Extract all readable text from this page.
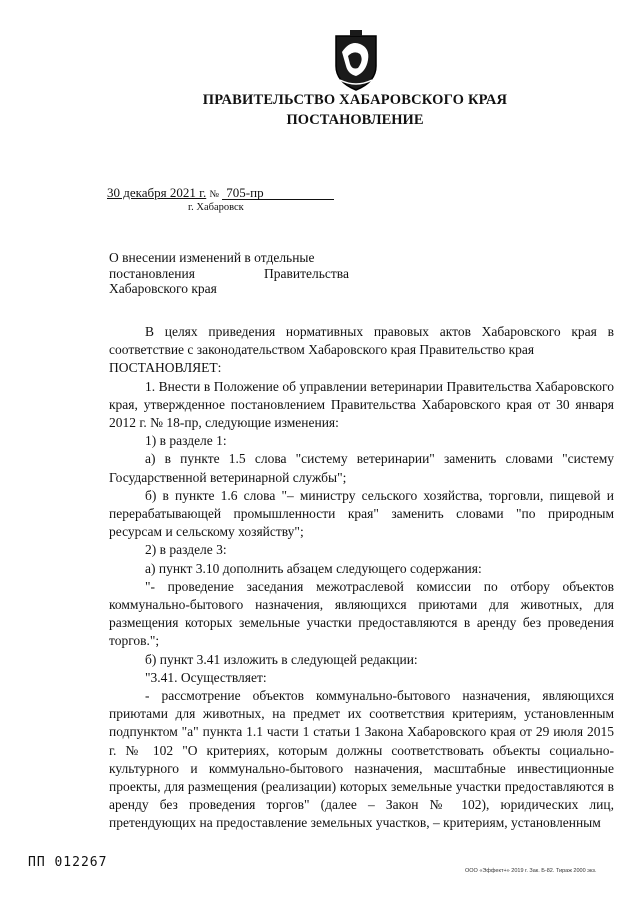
ПРАВИТЕЛЬСТВО ХАБАРОВСКОГО КРАЯ
ПОСТАНОВЛЕНИЕ
30 декабря 2021 г. № 705-пр
г. Хабаровск
О внесении изменений в отдельные
постановления	Правительства
Хабаровского края

В целях приведения нормативных правовых актов Хабаровского края в соответствие с законодательством Хабаровского края Правительство края

ПОСТАНОВЛЯЕТ:

1. Внести в Положение об управлении ветеринарии Правительства Хабаровского края, утвержденное постановлением Правительства Хабаровского края от 30 января 2012 г. № 18-пр, следующие изменения:

1) в разделе 1:

а) в пункте 1.5 слова "систему ветеринарии" заменить словами "систему Государственной ветеринарной службы";

б) в пункте 1.6 слова "– министру сельского хозяйства, торговли, пищевой и перерабатывающей промышленности края" заменить словами "по природным ресурсам и сельскому хозяйству";

2) в разделе 3:

а) пункт 3.10 дополнить абзацем следующего содержания:

"- проведение заседания межотраслевой комиссии по отбору объектов коммунально-бытового назначения, являющихся приютами для животных, для размещения которых земельные участки предоставляются в аренду без проведения торгов.";

б) пункт 3.41 изложить в следующей редакции:

"3.41. Осуществляет:

- рассмотрение объектов коммунально-бытового назначения, являющихся приютами для животных, на предмет их соответствия критериям, установленным подпунктом "а" пункта 1.1 части 1 статьи 1 Закона Хабаровского края от 29 июля 2015 г. № 102 "О критериях, которым должны соответствовать объекты социально-культурного и коммунально-бытового назначения, масштабные инвестиционные проекты, для размещения (реализации) которых земельные участки предоставляются в аренду без проведения торгов" (далее – Закон № 102), юридических лиц, претендующих на предоставление земельных участков, – критериям, установленным

ПП 012267
ООО «Эффект+» 2019 г. Зак. Б-82. Тираж 2000 экз.
